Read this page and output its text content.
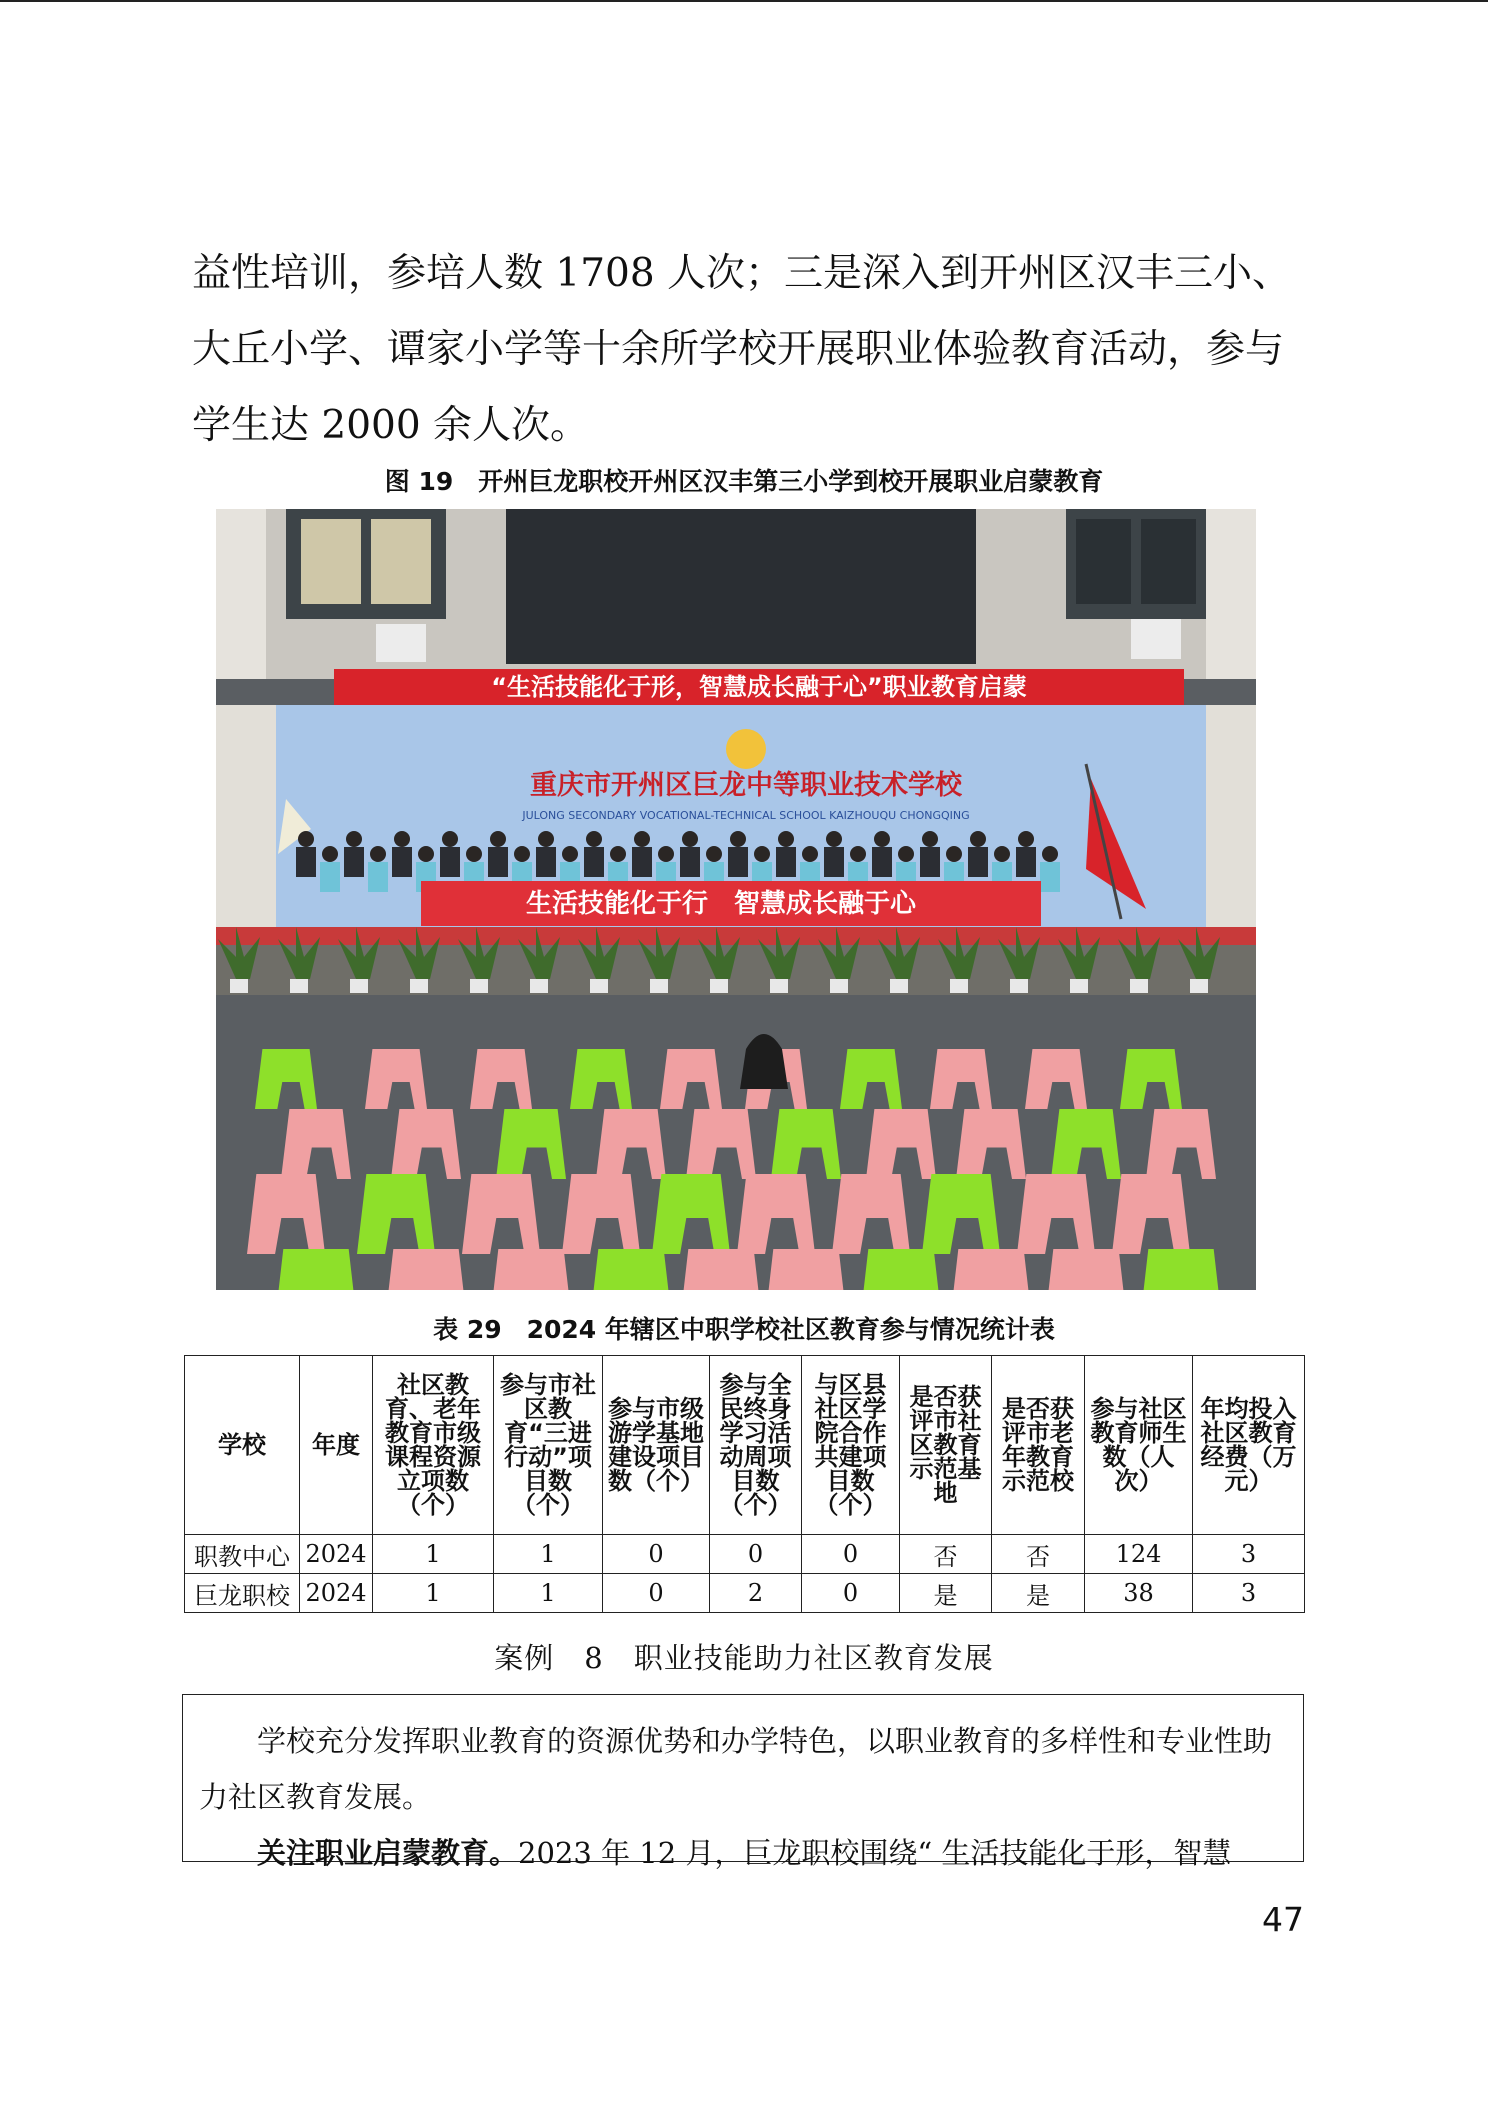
益性培训，参培人数 1708 人次；三是深入到开州区汉丰三小、

大丘小学、谭家小学等十余所学校开展职业体验教育活动，参与

学生达 2000 余人次。

图 19　开州巨龙职校开州区汉丰第三小学到校开展职业启蒙教育
“生活技能化于形，智慧成长融于心”职业教育启蒙
重庆市开州区巨龙中等职业技术学校
JULONG SECONDARY VOCATIONAL-TECHNICAL SCHOOL KAIZHOUQU CHONGQING
生活技能化于行　智慧成长融于心
表 29　2024 年辖区中职学校社区教育参与情况统计表
学校	年度	社区教育、老年教育市级课程资源立项数（个）	参与市社区教育“三进行动”项目数（个）	参与市级游学基地建设项目数（个）	参与全民终身学习活动周项目数（个）	与区县社区学院合作共建项目数（个）	是否获评市社区教育示范基地	是否获评市老年教育示范校	参与社区教育师生数（人次）	年均投入社区教育经费（万元）
职教中心	2024	1	1	0	0	0	否	否	124	3
巨龙职校	2024	1	1	0	2	0	是	是	38	3
案例　8　职业技能助力社区教育发展

学校充分发挥职业教育的资源优势和办学特色，以职业教育的多样性和专业性助力社区教育发展。

关注职业启蒙教育。2023 年 12 月，巨龙职校围绕“ 生活技能化于形，智慧

47
